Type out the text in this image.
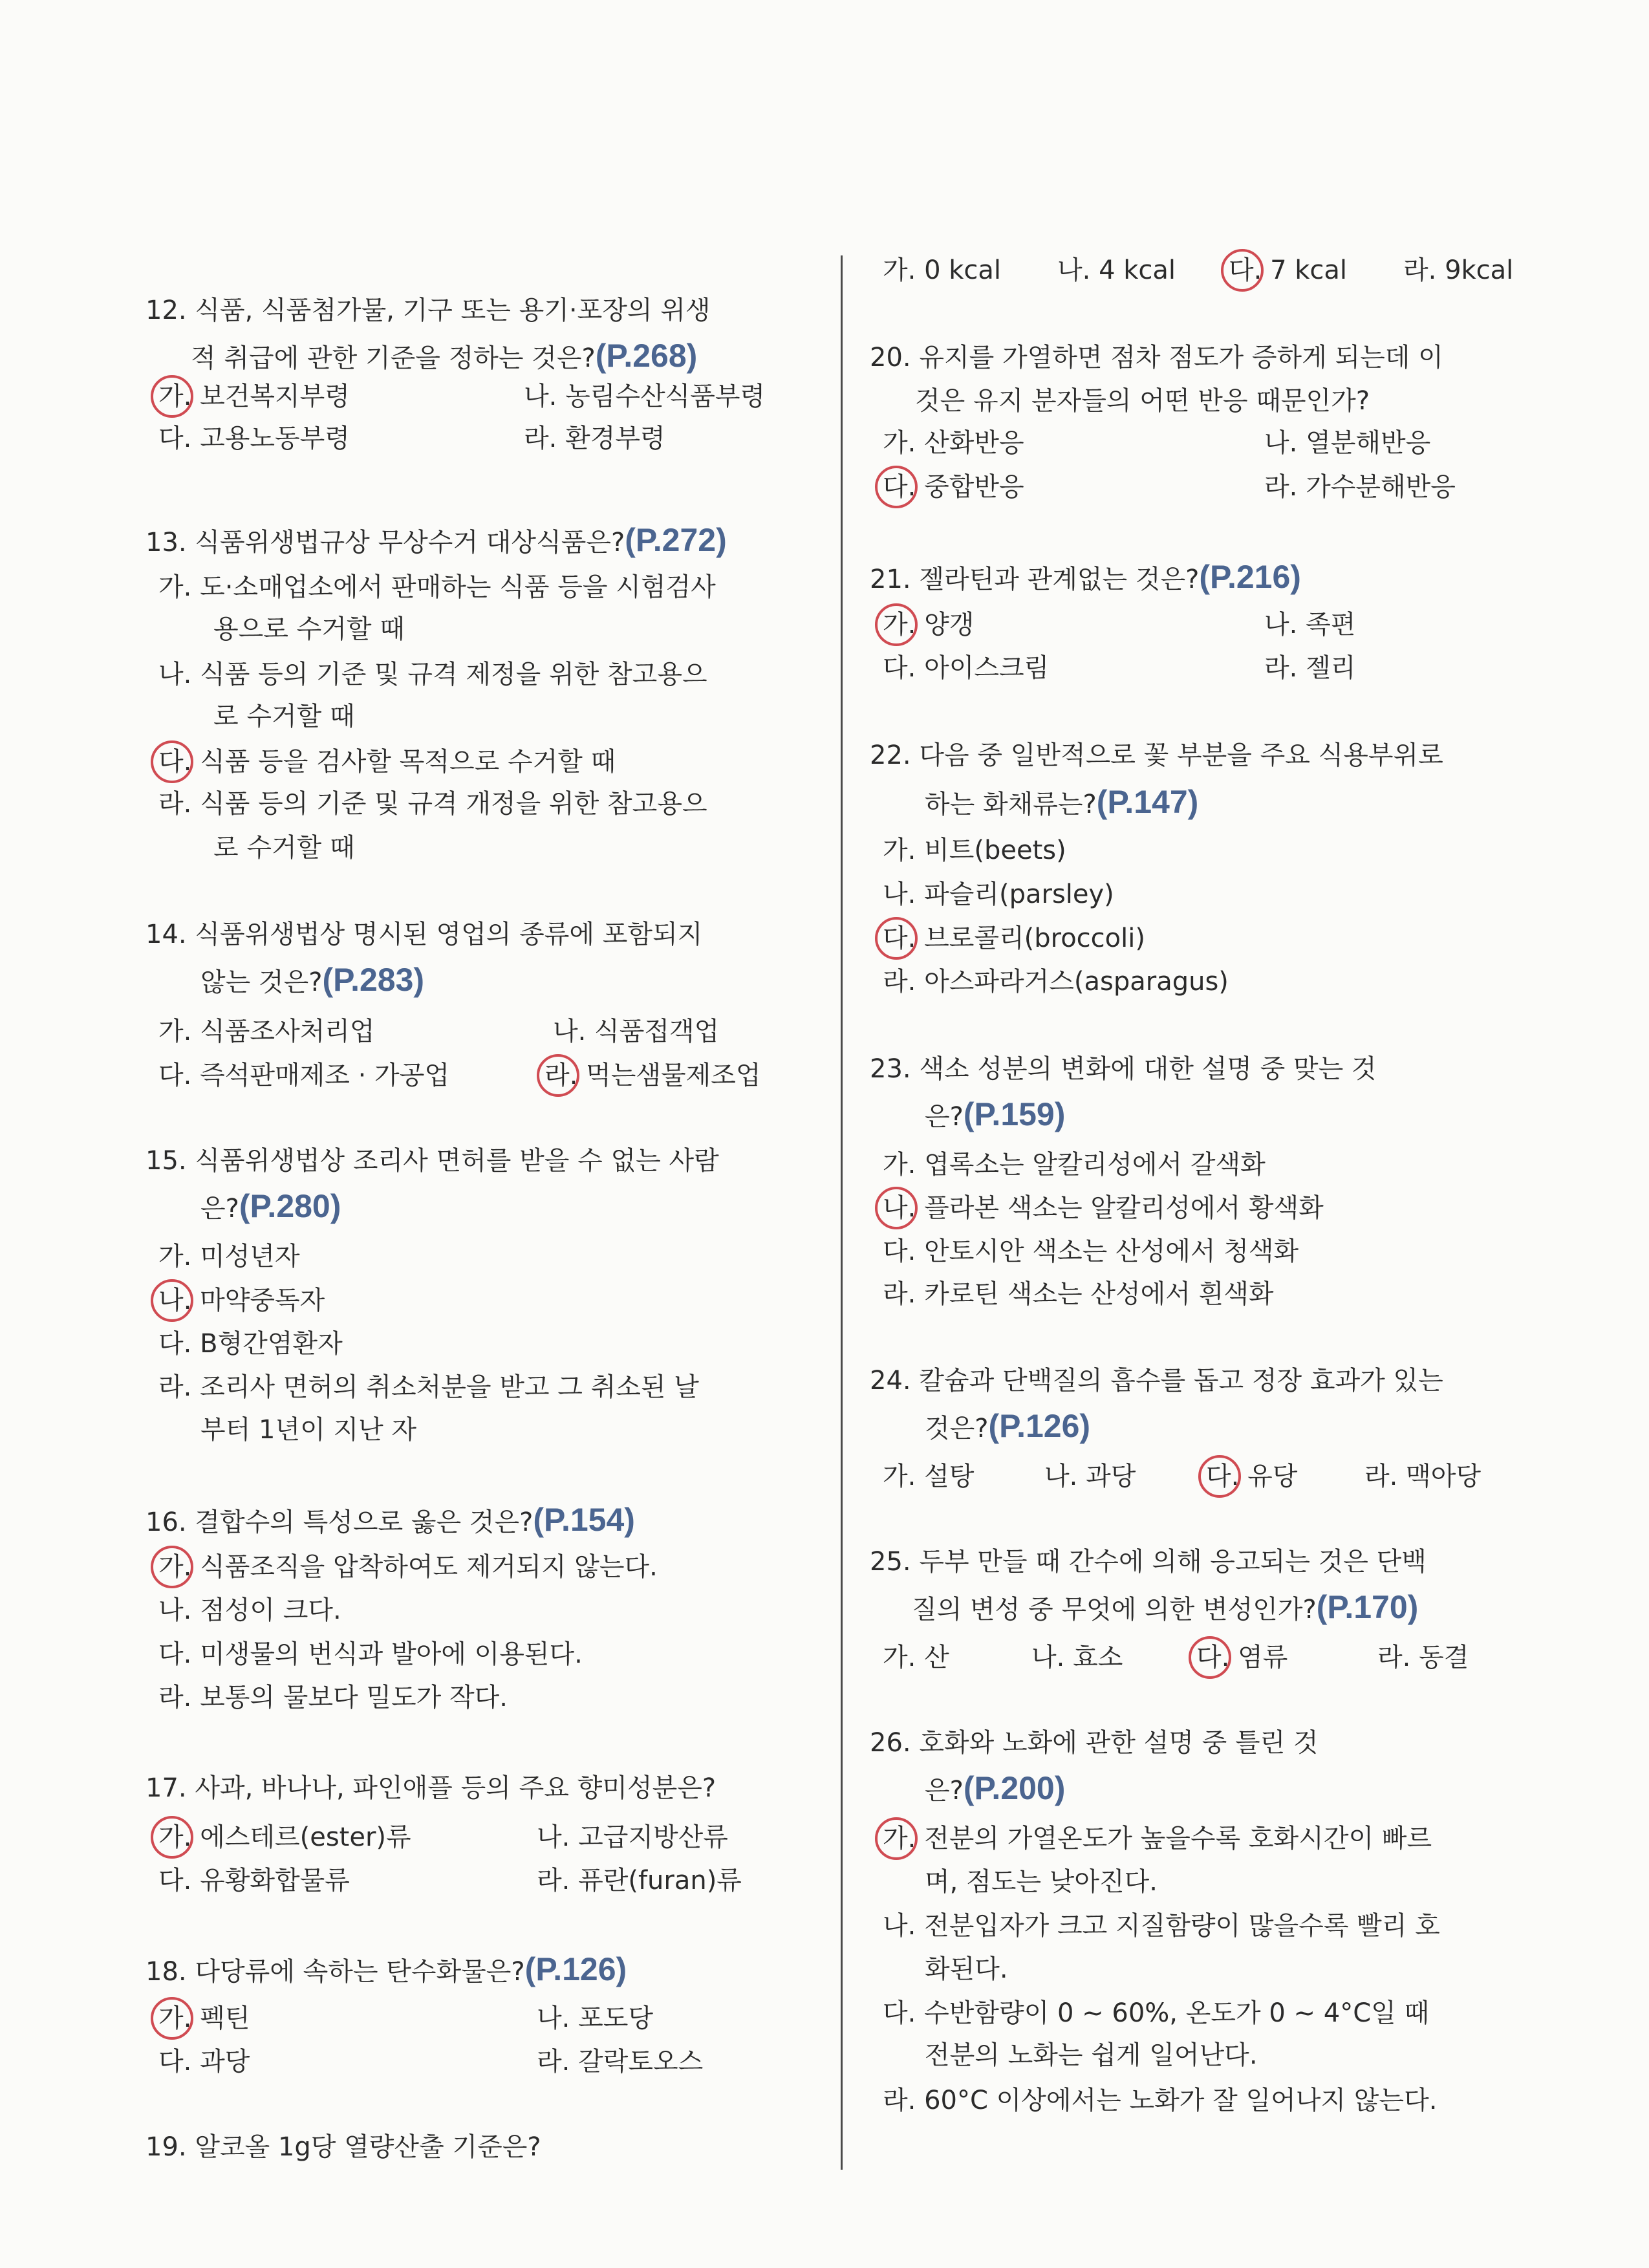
12. 식품, 식품첨가물, 기구 또는 용기·포장의 위생
적 취급에 관한 기준을 정하는 것은?(P.268)
가. 보건복지부령	나. 농림수산식품부령
다. 고용노동부령	라. 환경부령
13. 식품위생법규상 무상수거 대상식품은?(P.272)
가. 도·소매업소에서 판매하는 식품 등을 시험검사
용으로 수거할 때
나. 식품 등의 기준 및 규격 제정을 위한 참고용으
로 수거할 때
다. 식품 등을 검사할 목적으로 수거할 때
라. 식품 등의 기준 및 규격 개정을 위한 참고용으
로 수거할 때
14. 식품위생법상 명시된 영업의 종류에 포함되지
않는 것은?(P.283)
가. 식품조사처리업	나. 식품접객업
다. 즉석판매제조 · 가공업	라. 먹는샘물제조업
15. 식품위생법상 조리사 면허를 받을 수 없는 사람
은?(P.280)
가. 미성년자
나. 마약중독자
다. B형간염환자
라. 조리사 면허의 취소처분을 받고 그 취소된 날
부터 1년이 지난 자
16. 결합수의 특성으로 옳은 것은?(P.154)
가. 식품조직을 압착하여도 제거되지 않는다.
나. 점성이 크다.
다. 미생물의 번식과 발아에 이용된다.
라. 보통의 물보다 밀도가 작다.
17. 사과, 바나나, 파인애플 등의 주요 향미성분은?
가. 에스테르(ester)류	나. 고급지방산류
다. 유황화합물류	라. 퓨란(furan)류
18. 다당류에 속하는 탄수화물은?(P.126)
가. 펙틴	나. 포도당
다. 과당	라. 갈락토오스
19. 알코올 1g당 열량산출 기준은?
가. 0 kcal 나. 4 kcal 다. 7 kcal 라. 9kcal
20. 유지를 가열하면 점차 점도가 증하게 되는데 이
것은 유지 분자들의 어떤 반응 때문인가?
가. 산화반응	나. 열분해반응
다. 중합반응	라. 가수분해반응
21. 젤라틴과 관계없는 것은?(P.216)
가. 양갱	나. 족편
다. 아이스크림	라. 젤리
22. 다음 중 일반적으로 꽃 부분을 주요 식용부위로
하는 화채류는?(P.147)
가. 비트(beets)
나. 파슬리(parsley)
다. 브로콜리(broccoli)
라. 아스파라거스(asparagus)
23. 색소 성분의 변화에 대한 설명 중 맞는 것
은?(P.159)
가. 엽록소는 알칼리성에서 갈색화
나. 플라본 색소는 알칼리성에서 황색화
다. 안토시안 색소는 산성에서 청색화
라. 카로틴 색소는 산성에서 흰색화
24. 칼슘과 단백질의 흡수를 돕고 정장 효과가 있는
것은?(P.126)
가. 설탕	나. 과당	다. 유당	라. 맥아당
25. 두부 만들 때 간수에 의해 응고되는 것은 단백
질의 변성 중 무엇에 의한 변성인가?(P.170)
가. 산	나. 효소	다. 염류	라. 동결
26. 호화와 노화에 관한 설명 중 틀린 것
은?(P.200)
가. 전분의 가열온도가 높을수록 호화시간이 빠르
며, 점도는 낮아진다.
나. 전분입자가 크고 지질함량이 많을수록 빨리 호
화된다.
다. 수반함량이 0 ~ 60%, 온도가 0 ~ 4°C일 때
전분의 노화는 쉽게 일어난다.
라. 60°C 이상에서는 노화가 잘 일어나지 않는다.
